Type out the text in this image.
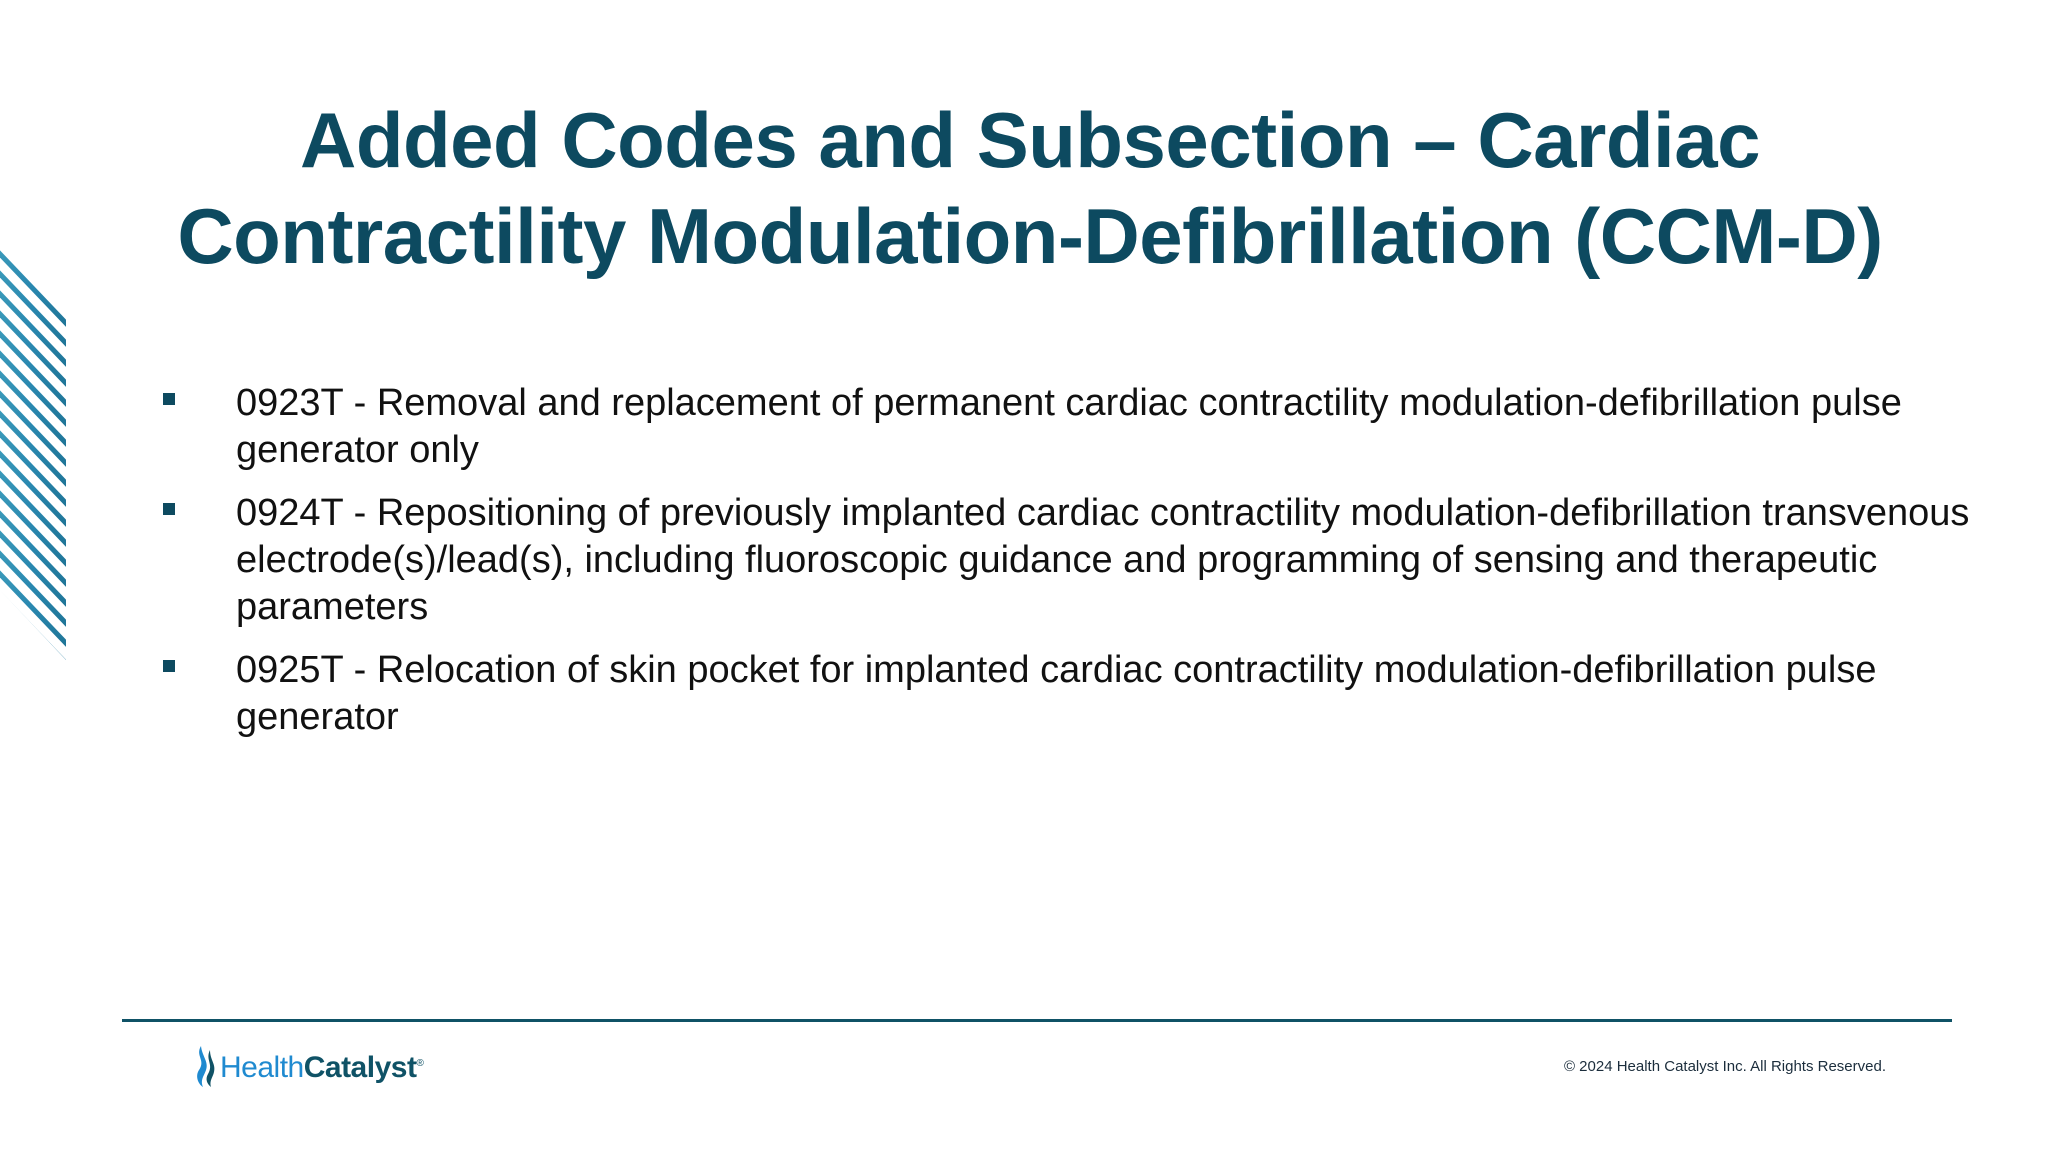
Added Codes and Subsection – Cardiac Contractility Modulation-Defibrillation (CCM-D)
0923T - Removal and replacement of permanent cardiac contractility modulation-defibrillation pulse generator only
0924T - Repositioning of previously implanted cardiac contractility modulation-defibrillation transvenous electrode(s)/lead(s), including fluoroscopic guidance and programming of sensing and therapeutic parameters
0925T - Relocation of skin pocket for implanted cardiac contractility modulation-defibrillation pulse generator
HealthCatalyst®	© 2024 Health Catalyst Inc. All Rights Reserved.
